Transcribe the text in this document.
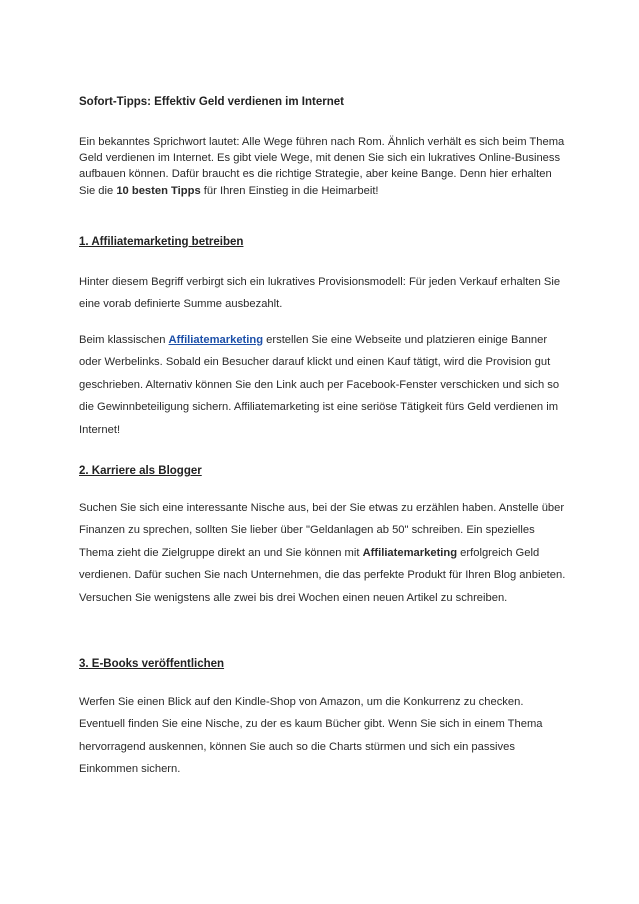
Sofort-Tipps: Effektiv Geld verdienen im Internet

Ein bekanntes Sprichwort lautet: Alle Wege führen nach Rom. Ähnlich verhält es sich beim Thema Geld verdienen im Internet. Es gibt viele Wege, mit denen Sie sich ein lukratives Online-Business aufbauen können. Dafür braucht es die richtige Strategie, aber keine Bange. Denn hier erhalten Sie die 10 besten Tipps für Ihren Einstieg in die Heimarbeit!

1. Affiliatemarketing betreiben

Hinter diesem Begriff verbirgt sich ein lukratives Provisionsmodell: Für jeden Verkauf erhalten Sie eine vorab definierte Summe ausbezahlt.

Beim klassischen Affiliatemarketing erstellen Sie eine Webseite und platzieren einige Banner oder Werbelinks. Sobald ein Besucher darauf klickt und einen Kauf tätigt, wird die Provision gut geschrieben. Alternativ können Sie den Link auch per Facebook-Fenster verschicken und sich so die Gewinnbeteiligung sichern. Affiliatemarketing ist eine seriöse Tätigkeit fürs Geld verdienen im Internet!

2. Karriere als Blogger

Suchen Sie sich eine interessante Nische aus, bei der Sie etwas zu erzählen haben. Anstelle über Finanzen zu sprechen, sollten Sie lieber über "Geldanlagen ab 50" schreiben. Ein spezielles Thema zieht die Zielgruppe direkt an und Sie können mit Affiliatemarketing erfolgreich Geld verdienen. Dafür suchen Sie nach Unternehmen, die das perfekte Produkt für Ihren Blog anbieten. Versuchen Sie wenigstens alle zwei bis drei Wochen einen neuen Artikel zu schreiben.

3. E-Books veröffentlichen

Werfen Sie einen Blick auf den Kindle-Shop von Amazon, um die Konkurrenz zu checken. Eventuell finden Sie eine Nische, zu der es kaum Bücher gibt. Wenn Sie sich in einem Thema hervorragend auskennen, können Sie auch so die Charts stürmen und sich ein passives Einkommen sichern.
